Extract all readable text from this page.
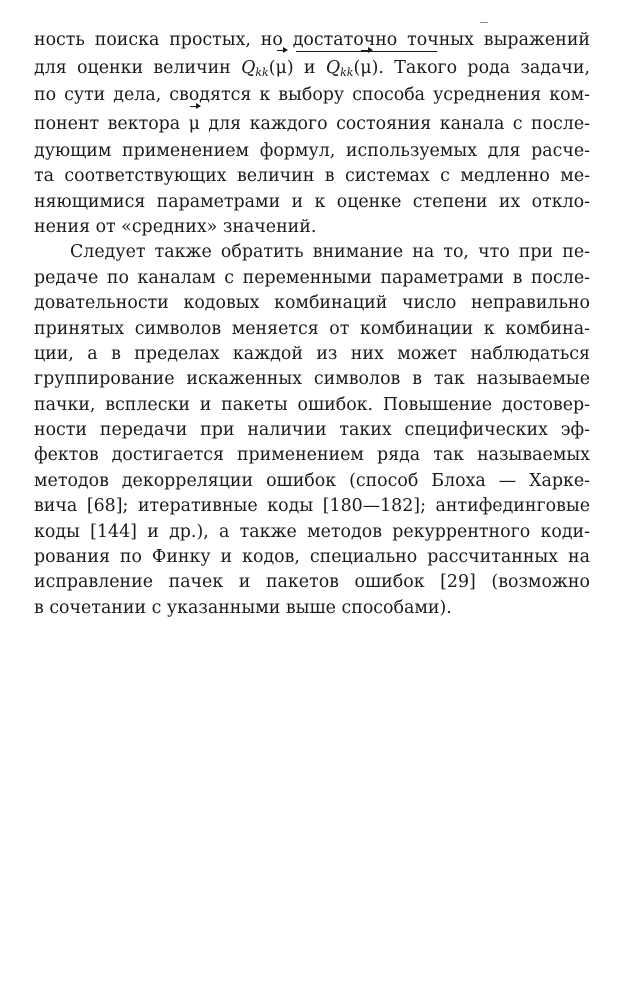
ность поиска простых, но достаточно точных выражений
для оценки величин $Q_{kk}(\mu)$ и $Q_{kk}(\mu)$. Такого рода задачи,
по сути дела, сводятся к выбору способа усреднения ком-
понент вектора μ для каждого состояния канала с после-
дующим применением формул, используемых для расче-
та соответствующих величин в системах с медленно ме-
няющимися параметрами и к оценке степени их откло-
нения от «средних» значений.
Следует также обратить внимание на то, что при пе-
редаче по каналам с переменными параметрами в после-
довательности кодовых комбинаций число неправильно
принятых символов меняется от комбинации к комбина-
ции, а в пределах каждой из них может наблюдаться
группирование искаженных символов в так называемые
пачки, всплески и пакеты ошибок. Повышение достовер-
ности передачи при наличии таких специфических эф-
фектов достигается применением ряда так называемых
методов декорреляции ошибок (способ Блоха — Харке-
вича [68]; итеративные коды [180—182]; антифединговые
коды [144] и др.), а также методов рекуррентного коди-
рования по Финку и кодов, специально рассчитанных на
исправление пачек и пакетов ошибок [29] (возможно
в сочетании с указанными выше способами).
